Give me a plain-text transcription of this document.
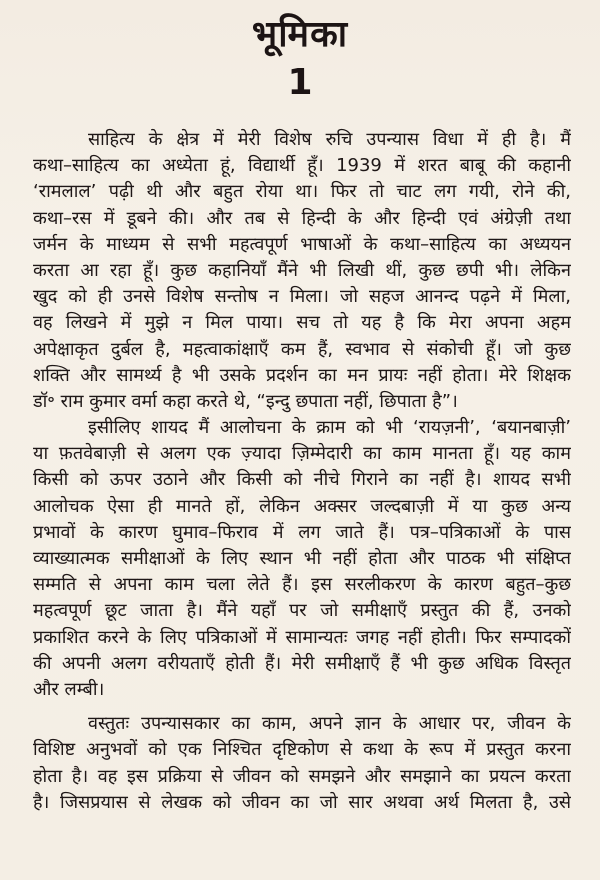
भूमिका
1
साहित्य के क्षेत्र में मेरी विशेष रुचि उपन्यास विधा में ही है। मैं
कथा–साहित्य का अध्येता हूं, विद्यार्थी हूँ। 1939 में शरत बाबू की कहानी
‘रामलाल’ पढ़ी थी और बहुत रोया था। फिर तो चाट लग गयी, रोने की,
कथा–रस में डूबने की। और तब से हिन्दी के और हिन्दी एवं अंग्रेज़ी तथा
जर्मन के माध्यम से सभी महत्वपूर्ण भाषाओं के कथा–साहित्य का अध्ययन
करता आ रहा हूँ। कुछ कहानियाँ मैंने भी लिखी थीं, कुछ छपी भी। लेकिन
खुद को ही उनसे विशेष सन्तोष न मिला। जो सहज आनन्द पढ़ने में मिला,
वह लिखने में मुझे न मिल पाया। सच तो यह है कि मेरा अपना अहम
अपेक्षाकृत दुर्बल है, महत्वाकांक्षाएँ कम हैं, स्वभाव से संकोची हूँ। जो कुछ
शक्ति और सामर्थ्य है भी उसके प्रदर्शन का मन प्रायः नहीं होता। मेरे शिक्षक
डॉ॰ राम कुमार वर्मा कहा करते थे, “इन्दु छपाता नहीं, छिपाता है”।
इसीलिए शायद मैं आलोचना के क्राम को भी ‘रायज़नी’, ‘बयानबाज़ी’
या फ़तवेबाज़ी से अलग एक ज़्यादा ज़िम्मेदारी का काम मानता हूँ। यह काम
किसी को ऊपर उठाने और किसी को नीचे गिराने का नहीं है। शायद सभी
आलोचक ऐसा ही मानते हों, लेकिन अक्सर जल्दबाज़ी में या कुछ अन्य
प्रभावों के कारण घुमाव–फिराव में लग जाते हैं। पत्र–पत्रिकाओं के पास
व्याख्यात्मक समीक्षाओं के लिए स्थान भी नहीं होता और पाठक भी संक्षिप्त
सम्मति से अपना काम चला लेते हैं। इस सरलीकरण के कारण बहुत–कुछ
महत्वपूर्ण छूट जाता है। मैंने यहाँ पर जो समीक्षाएँ प्रस्तुत की हैं, उनको
प्रकाशित करने के लिए पत्रिकाओं में सामान्यतः जगह नहीं होती। फिर सम्पादकों
की अपनी अलग वरीयताएँ होती हैं। मेरी समीक्षाएँ हैं भी कुछ अधिक विस्तृत
और लम्बी।
वस्तुतः उपन्यासकार का काम, अपने ज्ञान के आधार पर, जीवन के
विशिष्ट अनुभवों को एक निश्चित दृष्टिकोण से कथा के रूप में प्रस्तुत करना
होता है। वह इस प्रक्रिया से जीवन को समझने और समझाने का प्रयत्न करता
है। जिसप्रयास से लेखक को जीवन का जो सार अथवा अर्थ मिलता है, उसे
